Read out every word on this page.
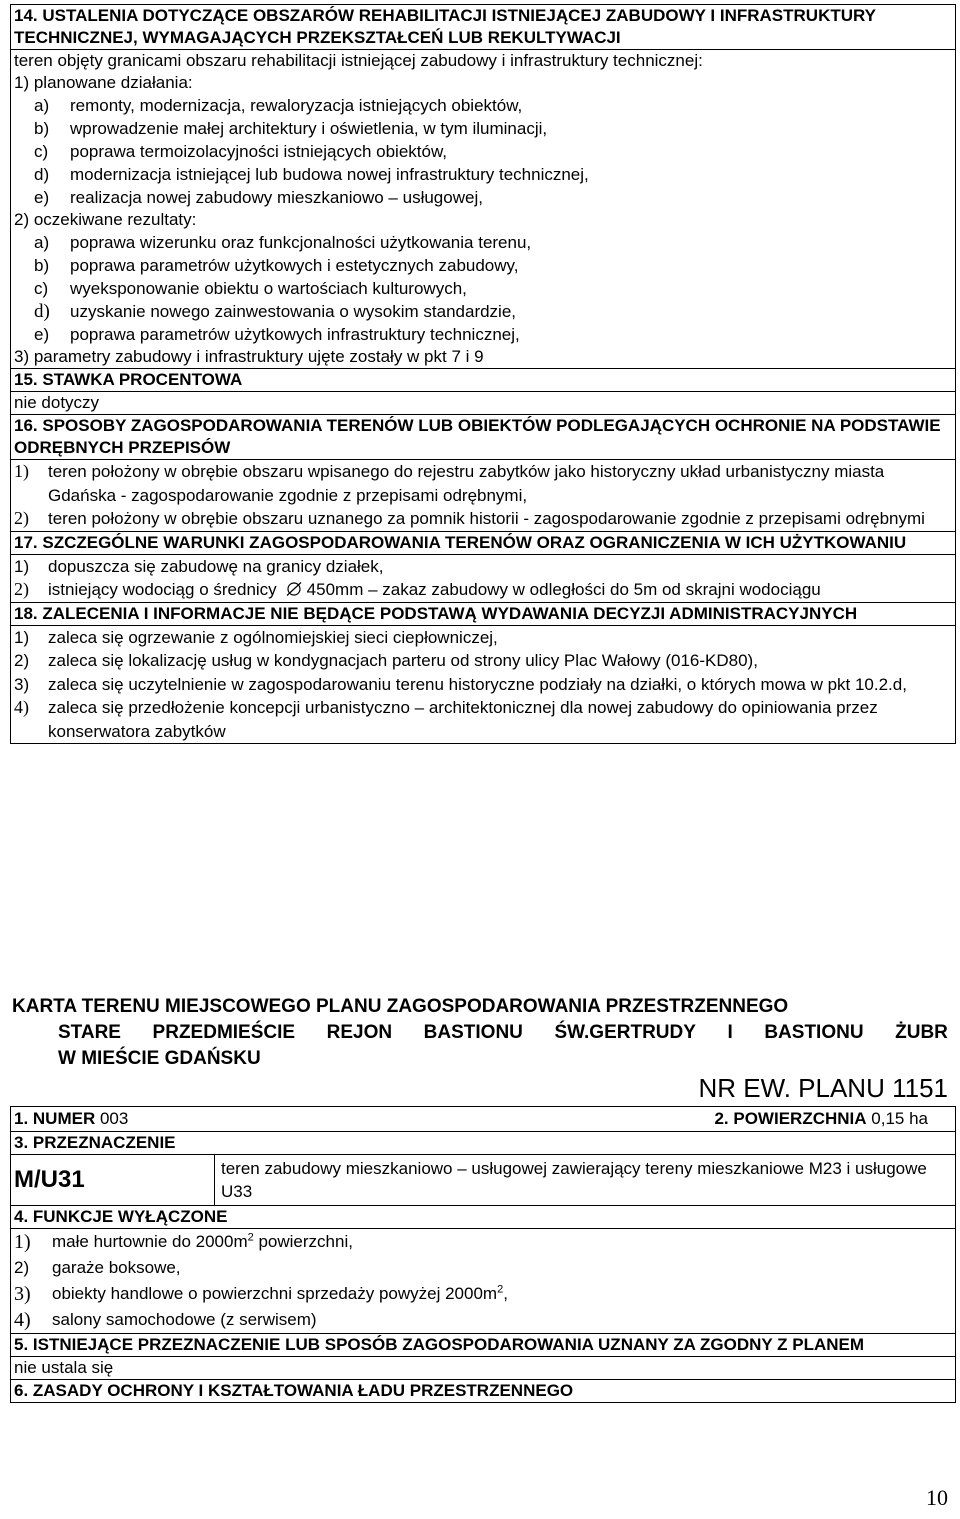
14. USTALENIA DOTYCZĄCE OBSZARÓW REHABILITACJI ISTNIEJĄCEJ ZABUDOWY I INFRASTRUKTURY TECHNICZNEJ, WYMAGAJĄCYCH PRZEKSZTAŁCEŃ LUB REKULTYWACJI
teren objęty granicami obszaru rehabilitacji istniejącej zabudowy i infrastruktury technicznej:
1) planowane działania:
a) remonty, modernizacja, rewaloryzacja istniejących obiektów,
b) wprowadzenie małej architektury i oświetlenia, w tym iluminacji,
c) poprawa termoizolacyjności istniejących obiektów,
d) modernizacja istniejącej lub budowa nowej infrastruktury technicznej,
e) realizacja nowej zabudowy mieszkaniowo – usługowej,
2) oczekiwane rezultaty:
a) poprawa wizerunku oraz funkcjonalności użytkowania terenu,
b) poprawa parametrów użytkowych i estetycznych zabudowy,
c) wyeksponowanie obiektu o wartościach kulturowych,
d) uzyskanie nowego zainwestowania o wysokim standardzie,
e) poprawa parametrów użytkowych infrastruktury technicznej,
3) parametry zabudowy i infrastruktury ujęte zostały w pkt 7 i 9
15. STAWKA PROCENTOWA
nie dotyczy
16. SPOSOBY ZAGOSPODAROWANIA TERENÓW LUB OBIEKTÓW PODLEGAJĄCYCH OCHRONIE NA PODSTAWIE ODRĘBNYCH PRZEPISÓW
1) teren położony w obrębie obszaru wpisanego do rejestru zabytków jako historyczny układ urbanistyczny miasta Gdańska - zagospodarowanie zgodnie z przepisami odrębnymi,
2) teren położony w obrębie obszaru uznanego za pomnik historii - zagospodarowanie zgodnie z przepisami odrębnymi
17. SZCZEGÓLNE WARUNKI ZAGOSPODAROWANIA TERENÓW ORAZ OGRANICZENIA W ICH UŻYTKOWANIU
1) dopuszcza się zabudowę na granicy działek,
2) istniejący wodociąg o średnicy 450mm – zakaz zabudowy w odległości do 5m od skrajni wodociągu
18. ZALECENIA I INFORMACJE NIE BĘDĄCE PODSTAWĄ WYDAWANIA DECYZJI ADMINISTRACYJNYCH
1) zaleca się ogrzewanie z ogólnomiejskiej sieci ciepłowniczej,
2) zaleca się lokalizację usług w kondygnacjach parteru od strony ulicy Plac Wałowy (016-KD80),
3) zaleca się uczytelnienie w zagospodarowaniu terenu historyczne podziały na działki, o których mowa w pkt 10.2.d,
4) zaleca się przedłożenie koncepcji urbanistyczno – architektonicznej dla nowej zabudowy do opiniowania przez konserwatora zabytków
KARTA TERENU MIEJSCOWEGO PLANU ZAGOSPODAROWANIA PRZESTRZENNEGO
STARE PRZEDMIEŚCIE REJON BASTIONU ŚW.GERTRUDY I BASTIONU ŻUBR
W MIEŚCIE GDAŃSKU
NR EW. PLANU 1151
1. NUMER 003	2. POWIERZCHNIA 0,15 ha
3. PRZEZNACZENIE
M/U31	teren zabudowy mieszkaniowo – usługowej zawierający tereny mieszkaniowe M23 i usługowe U33
4. FUNKCJE WYŁĄCZONE
1) małe hurtownie do $2000m^2$ powierzchni,
2) garaże boksowe,
3) obiekty handlowe o powierzchni sprzedaży powyżej $2000m^2$,
4) salony samochodowe (z serwisem)
5. ISTNIEJĄCE PRZEZNACZENIE LUB SPOSÓB ZAGOSPODAROWANIA UZNANY ZA ZGODNY Z PLANEM
nie ustala się
6. ZASADY OCHRONY I KSZTAŁTOWANIA ŁADU PRZESTRZENNEGO
10
